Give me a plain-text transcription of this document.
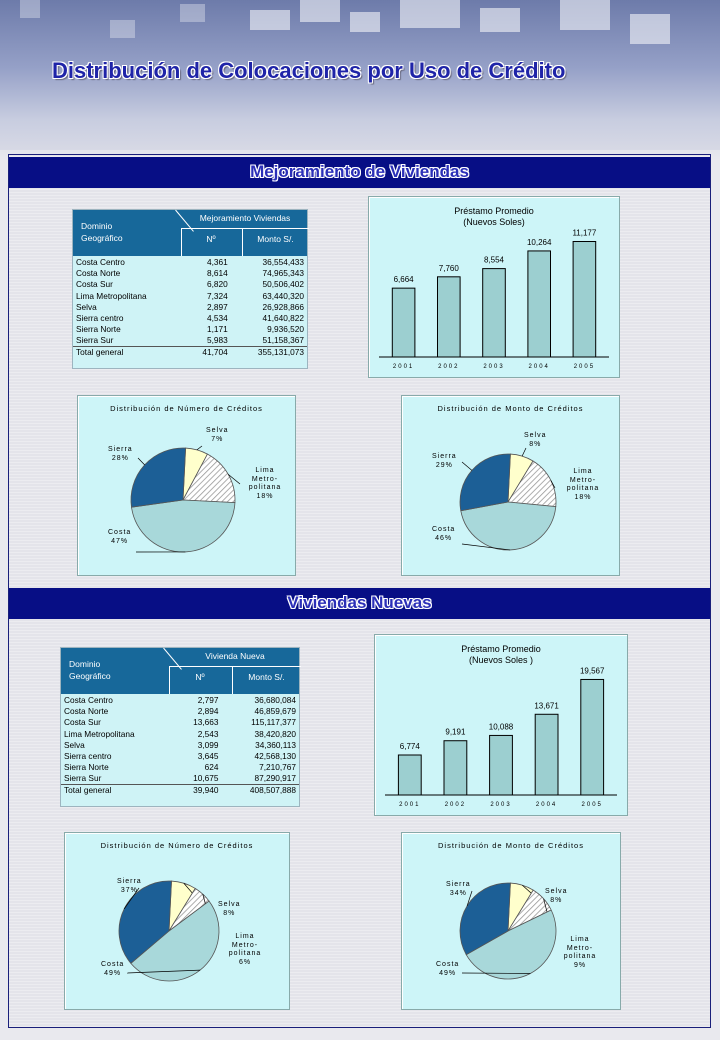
Distribución de Colocaciones por Uso de Crédito
Mejoramiento de Viviendas
Dominio Geográfico
Mejoramiento Viviendas
Nº	Monto S/.
Costa Centro	4,361	36,554,433
Costa Norte	8,614	74,965,343
Costa Sur	6,820	50,506,402
Lima Metropolitana	7,324	63,440,320
Selva	2,897	26,928,866
Sierra centro	4,534	41,640,822
Sierra Norte	1,171	9,936,520
Sierra Sur	5,983	51,158,367
Total general	41,704	355,131,073
Préstamo Promedio
(Nuevos Soles)
6,664
2001
7,760
2002
8,554
2003
10,264
2004
11,177
2005
Distribución de Número de Créditos
Selva
7%
Lima Metro-politana
18%
Costa
47%
Sierra
28%
Distribución de Monto de Créditos
Selva
8%
Lima Metro-politana
18%
Costa
46%
Sierra
29%
Viviendas Nuevas
Dominio Geográfico
Vivienda Nueva
Nº	Monto S/.
Costa Centro	2,797	36,680,084
Costa Norte	2,894	46,859,679
Costa Sur	13,663	115,117,377
Lima Metropolitana	2,543	38,420,820
Selva	3,099	34,360,113
Sierra centro	3,645	42,568,130
Sierra Norte	624	7,210,767
Sierra Sur	10,675	87,290,917
Total general	39,940	408,507,888
Préstamo Promedio
(Nuevos Soles )
6,774
2001
9,191
2002
10,088
2003
13,671
2004
19,567
2005
Distribución de Número de Créditos
Selva
8%
Lima Metro-politana
6%
Costa
49%
Sierra
37%
Distribución de Monto de Créditos
Selva
8%
Lima Metro-politana
9%
Costa
49%
Sierra
34%
